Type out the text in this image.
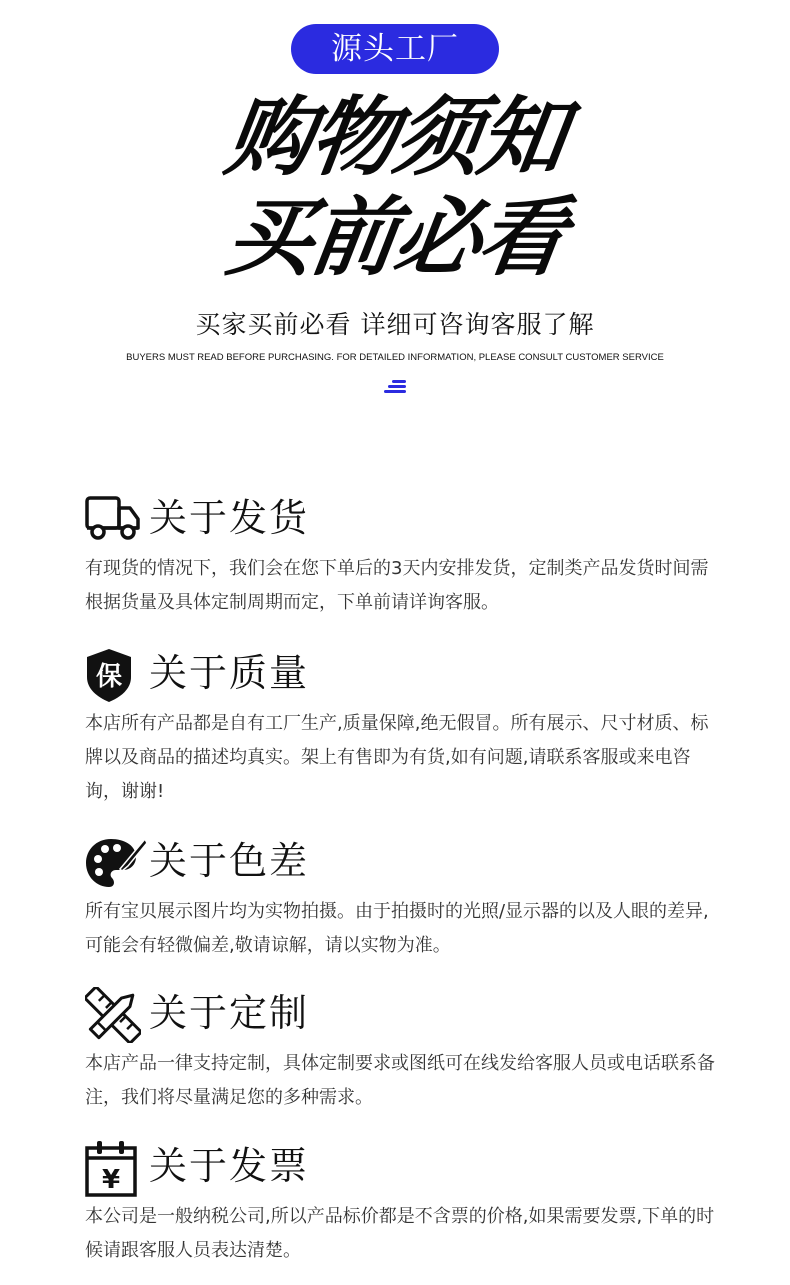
源头工厂
购物须知
买前必看
买家买前必看 详细可咨询客服了解
BUYERS MUST READ BEFORE PURCHASING. FOR DETAILED INFORMATION, PLEASE CONSULT CUSTOMER SERVICE
关于发货
有现货的情况下，我们会在您下单后的3天内安排发货，定制类产品发货时间需根据货量及具体定制周期而定，下单前请详询客服。
保 关于质量
本店所有产品都是自有工厂生产,质量保障,绝无假冒。所有展示、尺寸材质、标牌以及商品的描述均真实。架上有售即为有货,如有问题,请联系客服或来电咨询，谢谢!
关于色差
所有宝贝展示图片均为实物拍摄。由于拍摄时的光照/显示器的以及人眼的差异,可能会有轻微偏差,敬请谅解，请以实物为准。
关于定制
本店产品一律支持定制，具体定制要求或图纸可在线发给客服人员或电话联系备注，我们将尽量满足您的多种需求。
¥ 关于发票
本公司是一般纳税公司,所以产品标价都是不含票的价格,如果需要发票,下单的时候请跟客服人员表达清楚。
